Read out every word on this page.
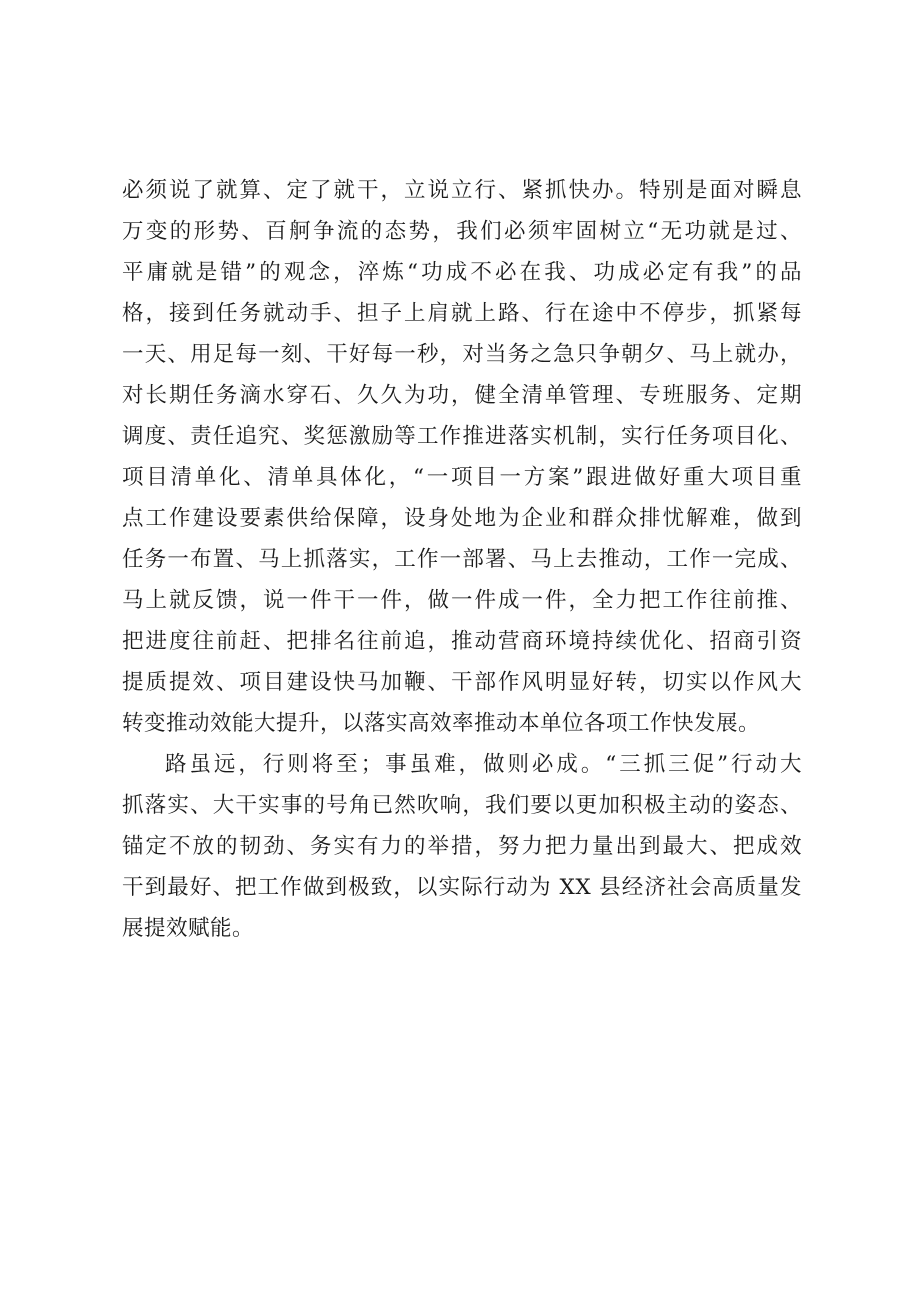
必须说了就算、定了就干，立说立行、紧抓快办。特别是面对瞬息
万变的形势、百舸争流的态势，我们必须牢固树立“无功就是过、
平庸就是错”的观念，淬炼“功成不必在我、功成必定有我”的品
格，接到任务就动手、担子上肩就上路、行在途中不停步，抓紧每
一天、用足每一刻、干好每一秒，对当务之急只争朝夕、马上就办，
对长期任务滴水穿石、久久为功，健全清单管理、专班服务、定期
调度、责任追究、奖惩激励等工作推进落实机制，实行任务项目化、
项目清单化、清单具体化，“一项目一方案”跟进做好重大项目重
点工作建设要素供给保障，设身处地为企业和群众排忧解难，做到
任务一布置、马上抓落实，工作一部署、马上去推动，工作一完成、
马上就反馈，说一件干一件，做一件成一件，全力把工作往前推、
把进度往前赶、把排名往前追，推动营商环境持续优化、招商引资
提质提效、项目建设快马加鞭、干部作风明显好转，切实以作风大
转变推动效能大提升，以落实高效率推动本单位各项工作快发展。
路虽远，行则将至；事虽难，做则必成。“三抓三促”行动大
抓落实、大干实事的号角已然吹响，我们要以更加积极主动的姿态、
锚定不放的韧劲、务实有力的举措，努力把力量出到最大、把成效
干到最好、把工作做到极致，以实际行动为 XX 县经济社会高质量发
展提效赋能。
